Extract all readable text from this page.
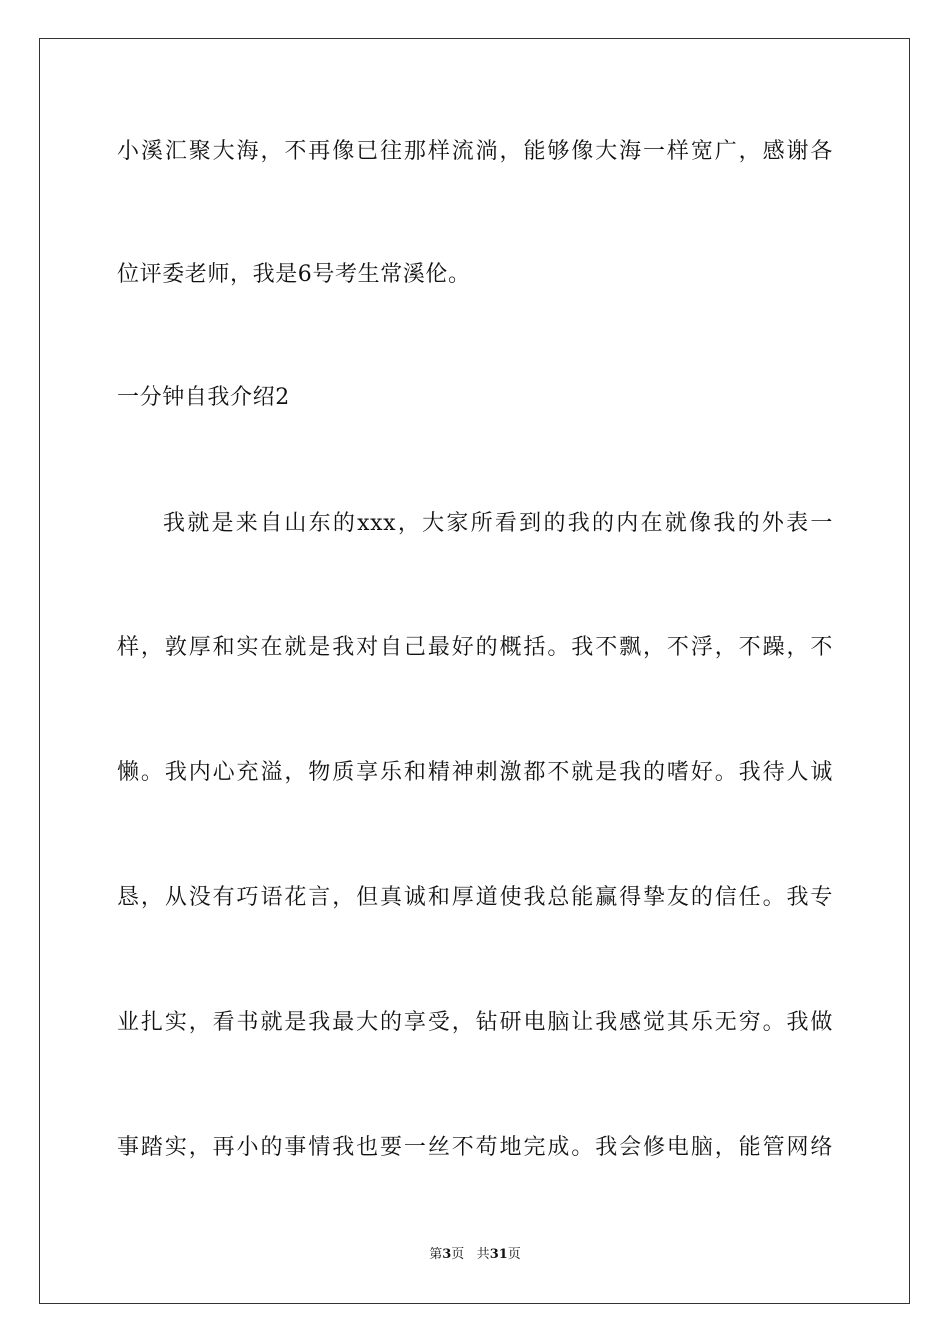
小溪汇聚大海，不再像已往那样流淌，能够像大海一样宽广，感谢各
位评委老师，我是6号考生常溪伦。
一分钟自我介绍2
我就是来自山东的xxx，大家所看到的我的内在就像我的外表一
样，敦厚和实在就是我对自己最好的概括。我不飘，不浮，不躁，不
懒。我内心充溢，物质享乐和精神刺激都不就是我的嗜好。我待人诚
恳，从没有巧语花言，但真诚和厚道使我总能赢得挚友的信任。我专
业扎实，看书就是我最大的享受，钻研电脑让我感觉其乐无穷。我做
事踏实，再小的事情我也要一丝不苟地完成。我会修电脑，能管网络
第3页 共31页
